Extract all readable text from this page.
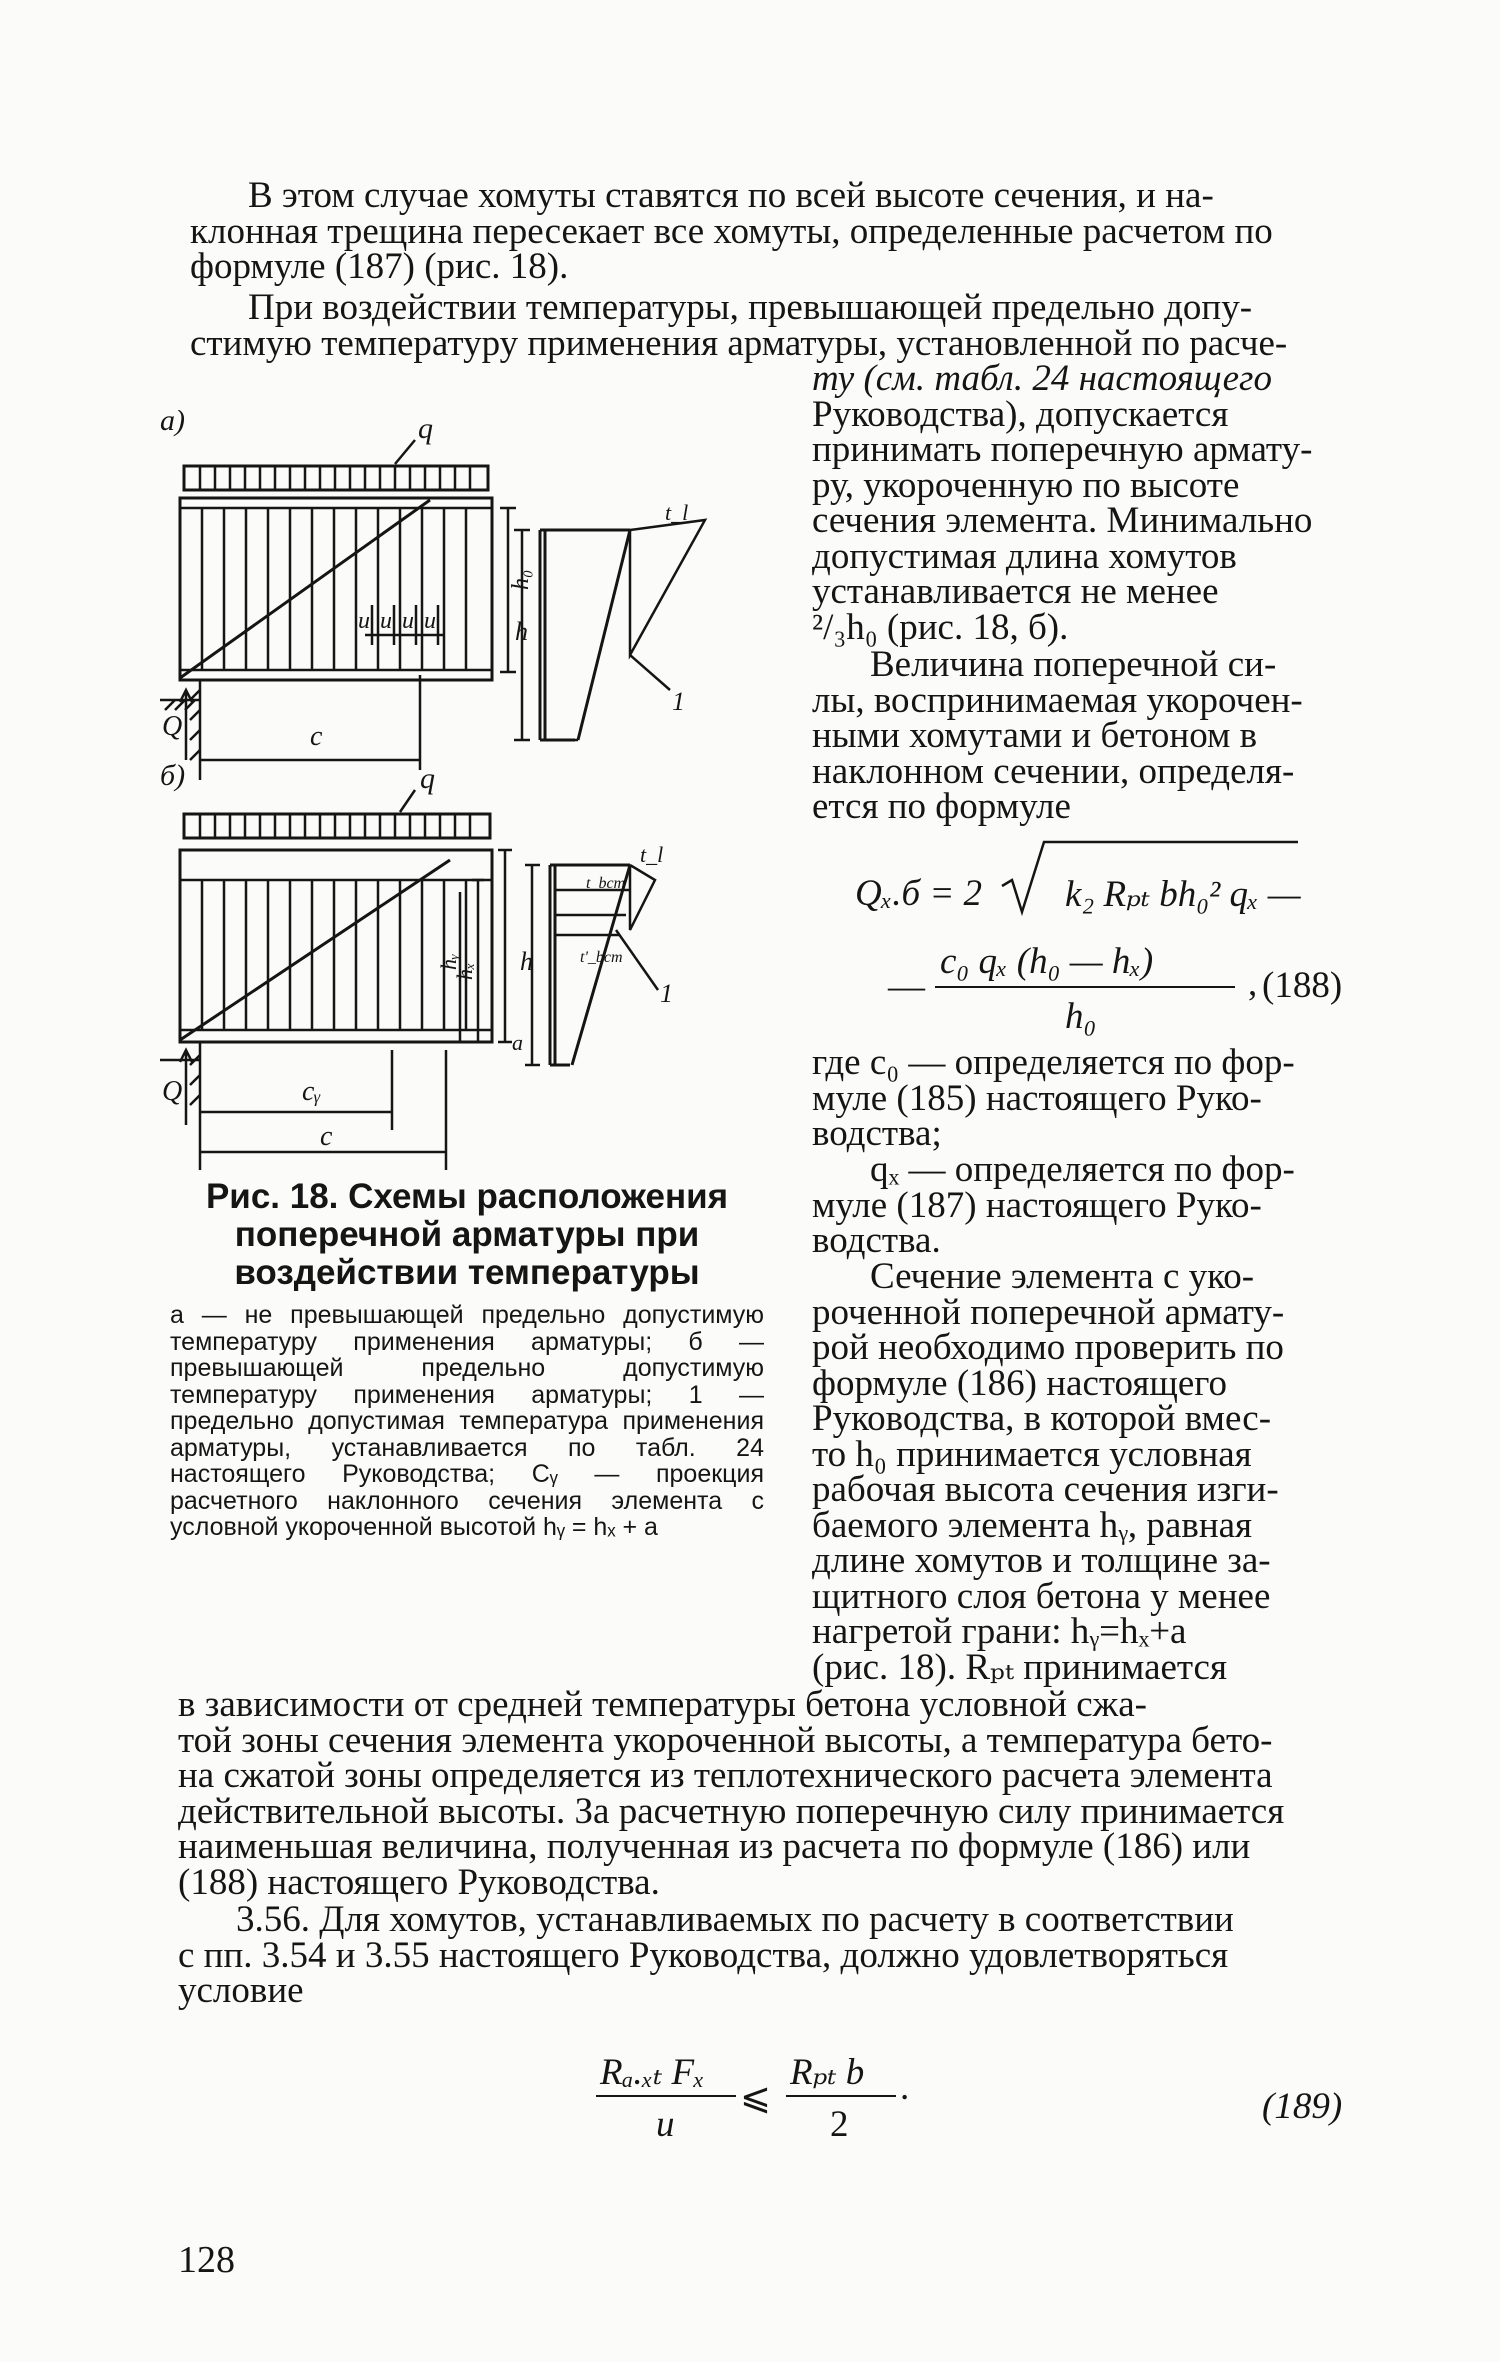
В этом случае хомуты ставятся по всей высоте сечения, и на-
клонная трещина пересекает все хомуты, определенные расчетом по
формуле (187) (рис. 18).
При воздействии температуры, превышающей предельно допу-
стимую температуру применения арматуры, установленной по расче-
ту (см. табл. 24 настоящего
Руководства), допускается
принимать поперечную армату-
ру, укороченную по высоте
сечения элемента. Минимально
допустимая длина хомутов
устанавливается не менее
²/₃h₀ (рис. 18, б).
Величина поперечной си-
лы, воспринимаемая укорочен-
ными хомутами и бетоном в
наклонном сечении, определя-
ется по формуле
Qₓ.б = 2 k₂ Rₚₜ bh₀² qₓ —
—
c₀ qₓ (h₀ — hₓ)
h₀
, (188)
где c₀ — определяется по фор-
муле (185) настоящего Руко-
водства;
qₓ — определяется по фор-
муле (187) настоящего Руко-
водства.
Сечение элемента с уко-
роченной поперечной армату-
рой необходимо проверить по
формуле (186) настоящего
Руководства, в которой вмес-
то h₀ принимается условная
рабочая высота сечения изги-
баемого элемента hᵧ, равная
длине хомутов и толщине за-
щитного слоя бетона у менее
нагретой грани: hᵧ=hₓ+a
(рис. 18). Rₚₜ принимается
в зависимости от средней температуры бетона условной сжа-
той зоны сечения элемента укороченной высоты, а температура бето-
на сжатой зоны определяется из теплотехнического расчета элемента
действительной высоты. За расчетную поперечную силу принимается
наименьшая величина, полученная из расчета по формуле (186) или
(188) настоящего Руководства.
3.56. Для хомутов, устанавливаемых по расчету в соответствии
с пп. 3.54 и 3.55 настоящего Руководства, должно удовлетворяться
условие
Rₐ.ₓₜ Fₓ
u
⩽
Rₚₜ b
2
.	(189)
a)	q
u u u u
h₀
Q	c
h
t_l
1
б)	q
hᵧ
hₓ
a
Q	cᵧ
c
h
t_l
t_bcm
t'_bcm
1
Рис. 18. Схемы расположения поперечной арматуры при воздействии температуры
а — не превышающей предельно допустимую температуру применения арматуры; б — превышающей предельно допустимую температуру применения арматуры; 1 — предельно допустимая температура применения арматуры, устанавливается по табл. 24 настоящего Руководства; Cᵧ — проекция расчетного наклонного сечения элемента с условной укороченной высотой hᵧ = hₓ + a
128
